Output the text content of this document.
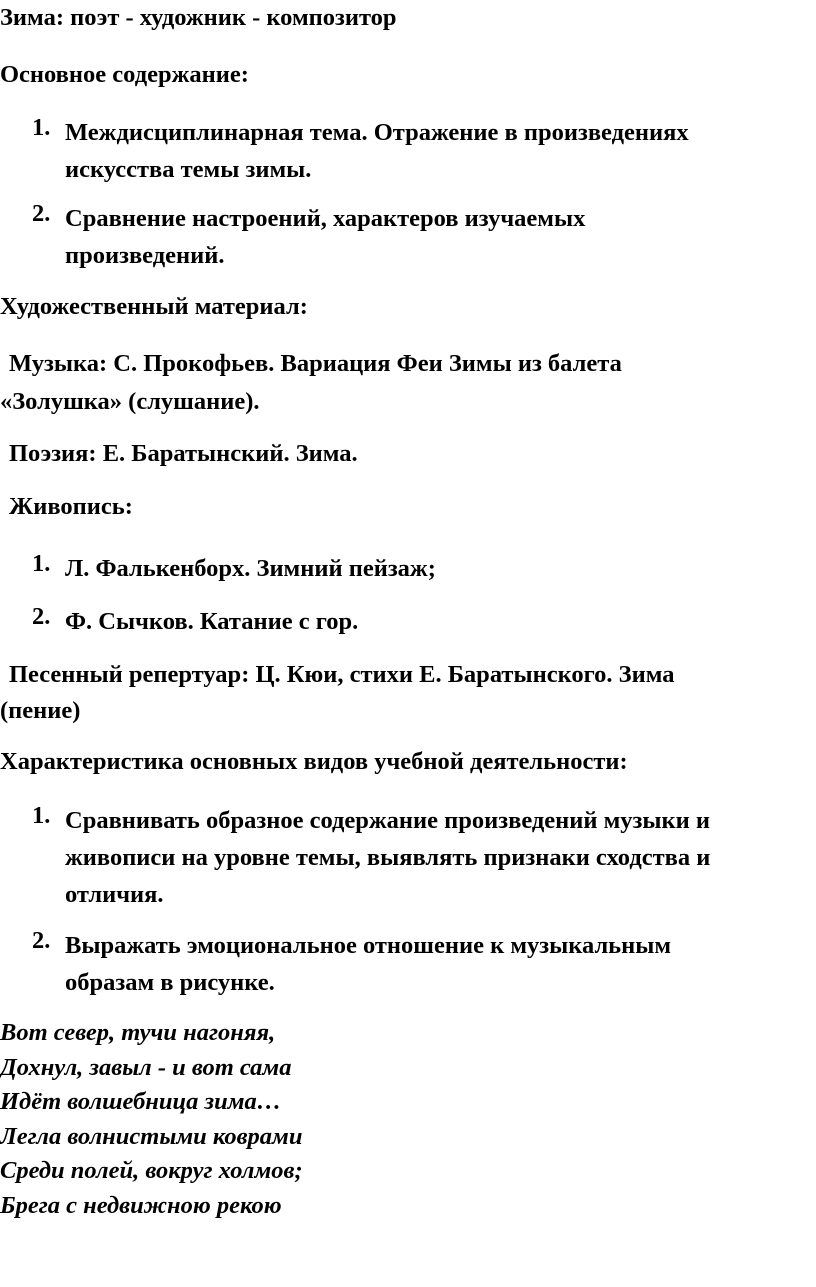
Зима: поэт - художник - композитор
Основное содержание:
1. Междисциплинарная тема. Отражение в произведениях
искусства темы зимы.
2. Сравнение настроений, характеров изучаемых
произведений.
Художественный материал:
Музыка: С. Прокофьев. Вариация Феи Зимы из балета
«Золушка» (слушание).
Поэзия: Е. Баратынский. Зима.
Живопись:
1. Л. Фалькенборх. Зимний пейзаж;
2. Ф. Сычков. Катание с гор.
Песенный репертуар: Ц. Кюи, стихи Е. Баратынского. Зима
(пение)
Характеристика основных видов учебной деятельности:
1. Сравнивать образное содержание произведений музыки и
живописи на уровне темы, выявлять признаки сходства и
отличия.
2. Выражать эмоциональное отношение к музыкальным
образам в рисунке.
Вот север, тучи нагоняя,
Дохнул, завыл - и вот сама
Идёт волшебница зима…
Легла волнистыми коврами
Среди полей, вокруг холмов;
Брега с недвижною рекою
